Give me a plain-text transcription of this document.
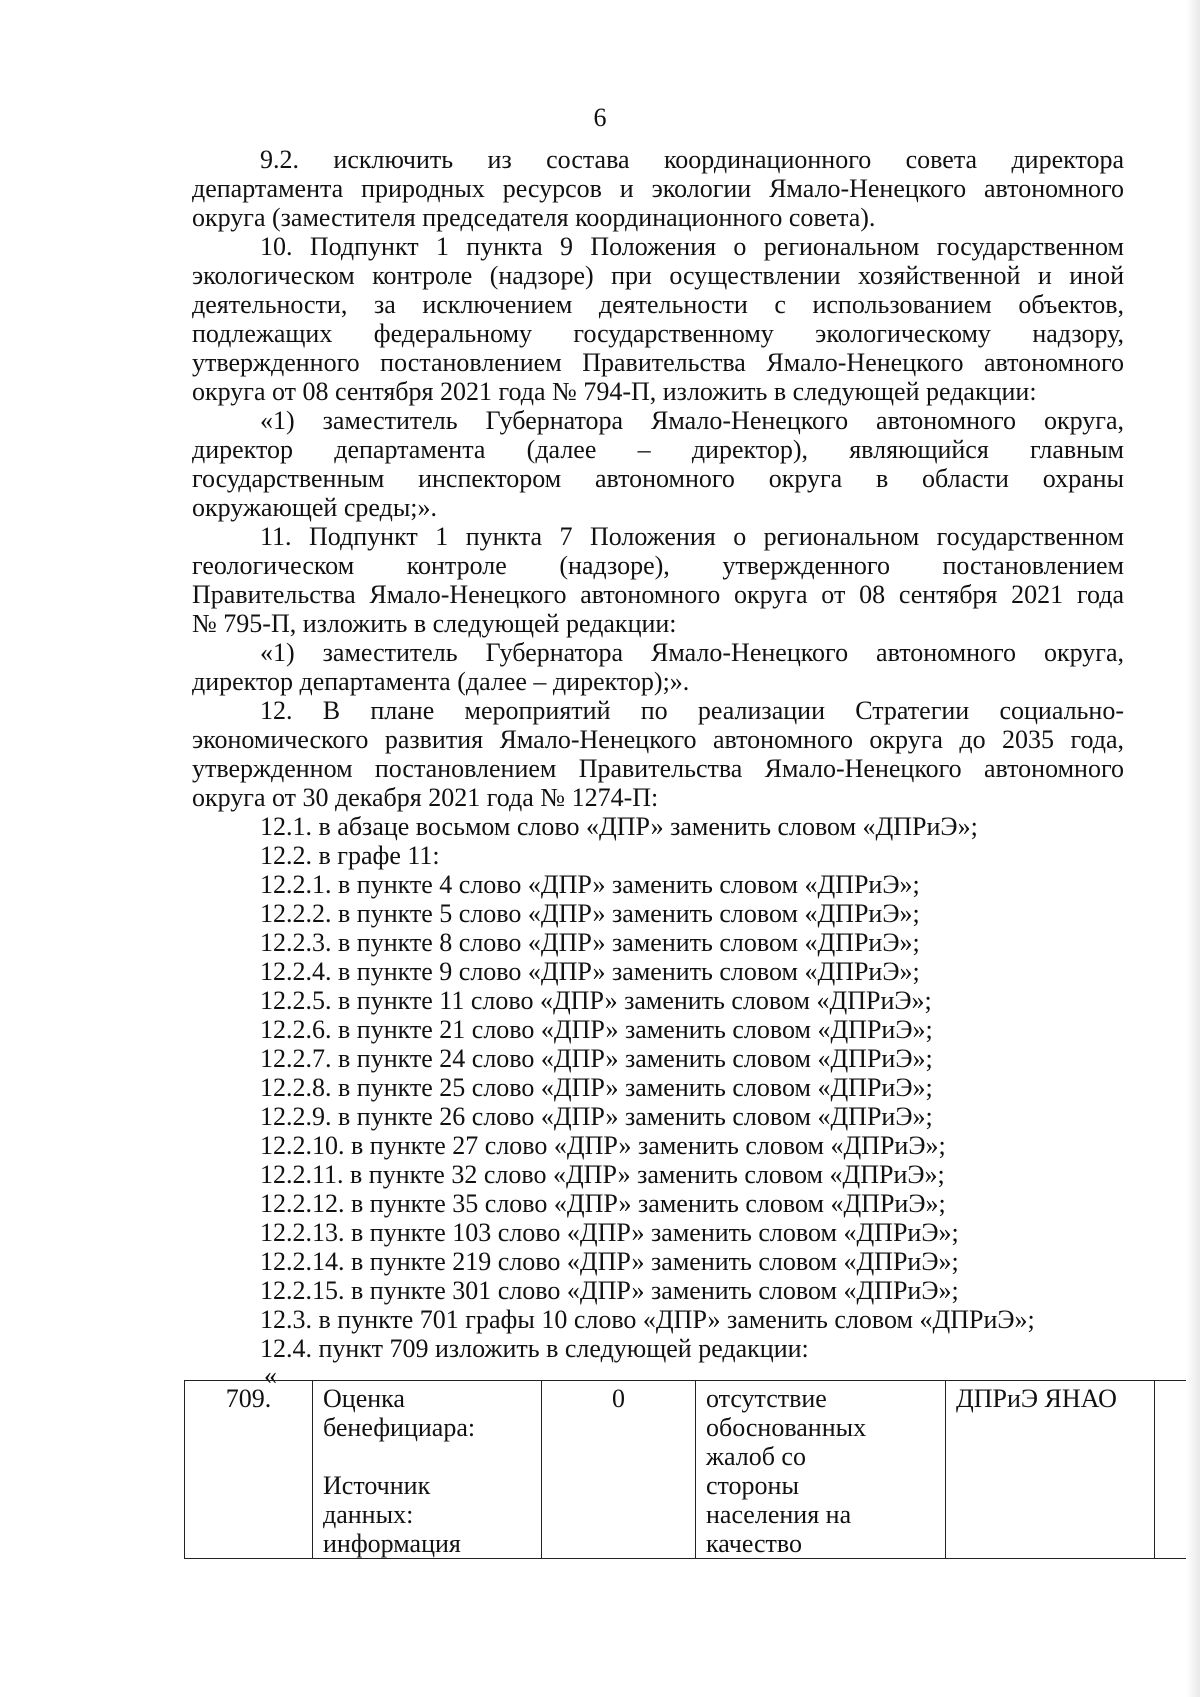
6

9.2. исключить из состава координационного совета директора

департамента природных ресурсов и экологии Ямало-Ненецкого автономного

округа (заместителя председателя координационного совета).

10. Подпункт 1 пункта 9 Положения о региональном государственном

экологическом контроле (надзоре) при осуществлении хозяйственной и иной

деятельности, за исключением деятельности с использованием объектов,

подлежащих федеральному государственному экологическому надзору,

утвержденного постановлением Правительства Ямало-Ненецкого автономного

округа от 08 сентября 2021 года № 794-П, изложить в следующей редакции:

«1) заместитель Губернатора Ямало-Ненецкого автономного округа,

директор департамента (далее – директор), являющийся главным

государственным инспектором автономного округа в области охраны

окружающей среды;».

11. Подпункт 1 пункта 7 Положения о региональном государственном

геологическом контроле (надзоре), утвержденного постановлением

Правительства Ямало-Ненецкого автономного округа от 08 сентября 2021 года

№ 795-П, изложить в следующей редакции:

«1) заместитель Губернатора Ямало-Ненецкого автономного округа,

директор департамента (далее – директор);».

12. В плане мероприятий по реализации Стратегии социально-

экономического развития Ямало-Ненецкого автономного округа до 2035 года,

утвержденном постановлением Правительства Ямало-Ненецкого автономного

округа от 30 декабря 2021 года № 1274-П:

12.1. в абзаце восьмом слово «ДПР» заменить словом «ДПРиЭ»;

12.2. в графе 11:

12.2.1. в пункте 4 слово «ДПР» заменить словом «ДПРиЭ»;

12.2.2. в пункте 5 слово «ДПР» заменить словом «ДПРиЭ»;

12.2.3. в пункте 8 слово «ДПР» заменить словом «ДПРиЭ»;

12.2.4. в пункте 9 слово «ДПР» заменить словом «ДПРиЭ»;

12.2.5. в пункте 11 слово «ДПР» заменить словом «ДПРиЭ»;

12.2.6. в пункте 21 слово «ДПР» заменить словом «ДПРиЭ»;

12.2.7. в пункте 24 слово «ДПР» заменить словом «ДПРиЭ»;

12.2.8. в пункте 25 слово «ДПР» заменить словом «ДПРиЭ»;

12.2.9. в пункте 26 слово «ДПР» заменить словом «ДПРиЭ»;

12.2.10. в пункте 27 слово «ДПР» заменить словом «ДПРиЭ»;

12.2.11. в пункте 32 слово «ДПР» заменить словом «ДПРиЭ»;

12.2.12. в пункте 35 слово «ДПР» заменить словом «ДПРиЭ»;

12.2.13. в пункте 103 слово «ДПР» заменить словом «ДПРиЭ»;

12.2.14. в пункте 219 слово «ДПР» заменить словом «ДПРиЭ»;

12.2.15. в пункте 301 слово «ДПР» заменить словом «ДПРиЭ»;

12.3. в пункте 701 графы 10 слово «ДПР» заменить словом «ДПРиЭ»;

12.4. пункт 709 изложить в следующей редакции:

«

709.	Оценка
бенефициара:
Источник
данных:
информация
	0	отсутствие
обоснованных
жалоб со
стороны
населения на
качество
	ДПРиЭ ЯНАО	
